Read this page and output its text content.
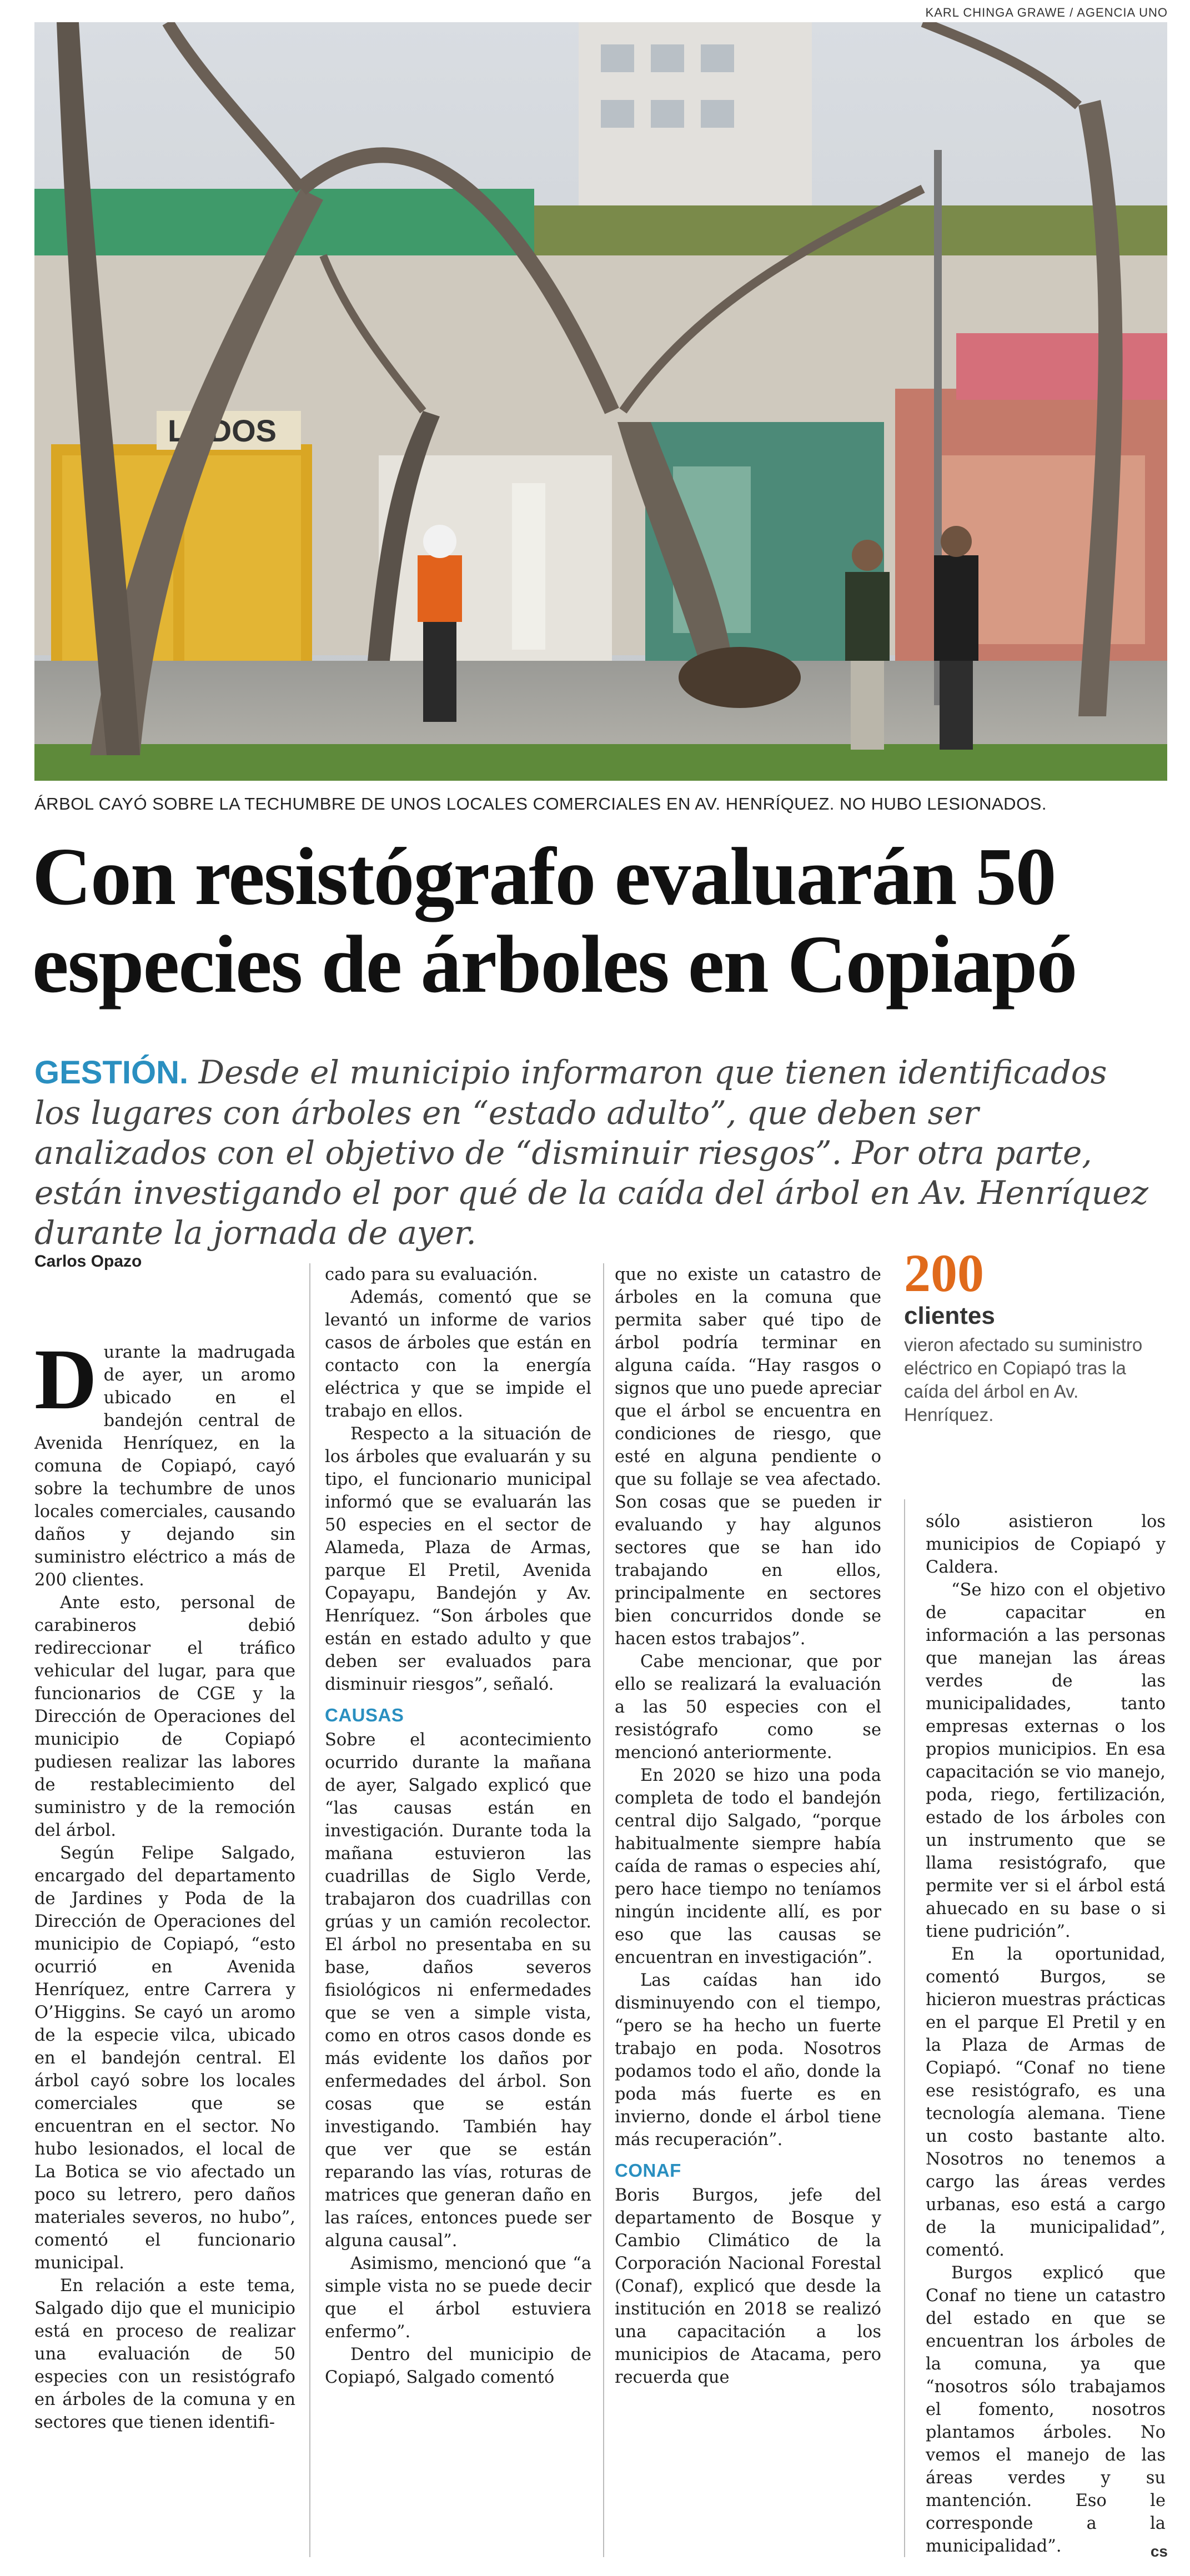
KARL CHINGA GRAWE / AGENCIA UNO
LADOS
ÁRBOL CAYÓ SOBRE LA TECHUMBRE DE UNOS LOCALES COMERCIALES EN AV. HENRÍQUEZ. NO HUBO LESIONADOS.
Con resistógrafo evaluarán 50 especies de árboles en Copiapó

GESTIÓN. Desde el municipio informaron que tienen identificados los lugares con árboles en “estado adulto”, que deben ser analizados con el objetivo de “disminuir riesgos”. Por otra parte, están investigando el por qué de la caída del árbol en Av. Henríquez durante la jornada de ayer.

Carlos Opazo

Durante la madrugada de ayer, un aromo ubicado en el bandejón central de Avenida Henríquez, en la comuna de Copiapó, cayó sobre la techumbre de unos locales comerciales, causando daños y dejando sin suministro eléctrico a más de 200 clientes.

Ante esto, personal de carabineros debió redireccionar el tráfico vehicular del lugar, para que funcionarios de CGE y la Dirección de Operaciones del municipio de Copiapó pudiesen realizar las labores de restablecimiento del suministro y de la remoción del árbol.

Según Felipe Salgado, encargado del departamento de Jardines y Poda de la Dirección de Operaciones del municipio de Copiapó, “esto ocurrió en Avenida Henríquez, entre Carrera y O’Higgins. Se cayó un aromo de la especie vilca, ubicado en el bandejón central. El árbol cayó sobre los locales comerciales que se encuentran en el sector. No hubo lesionados, el local de La Botica se vio afectado un poco su letrero, pero daños materiales severos, no hubo”, comentó el funcionario municipal.

En relación a este tema, Salgado dijo que el municipio está en proceso de realizar una evaluación de 50 especies con un resistógrafo en árboles de la comuna y en sectores que tienen identifi-

cado para su evaluación.

Además, comentó que se levantó un informe de varios casos de árboles que están en contacto con la energía eléctrica y que se impide el trabajo en ellos.

Respecto a la situación de los árboles que evaluarán y su tipo, el funcionario municipal informó que se evaluarán las 50 especies en el sector de Alameda, Plaza de Armas, parque El Pretil, Avenida Copayapu, Bandejón y Av. Henríquez. “Son árboles que están en estado adulto y que deben ser evaluados para disminuir riesgos”, señaló.

CAUSAS

Sobre el acontecimiento ocurrido durante la mañana de ayer, Salgado explicó que “las causas están en investigación. Durante toda la mañana estuvieron las cuadrillas de Siglo Verde, trabajaron dos cuadrillas con grúas y un camión recolector. El árbol no presentaba en su base, daños severos fisiológicos ni enfermedades que se ven a simple vista, como en otros casos donde es más evidente los daños por enfermedades del árbol. Son cosas que se están investigando. También hay que ver que se están reparando las vías, roturas de matrices que generan daño en las raíces, entonces puede ser alguna causal”.

Asimismo, mencionó que “a simple vista no se puede decir que el árbol estuviera enfermo”.

Dentro del municipio de Copiapó, Salgado comentó

que no existe un catastro de árboles en la comuna que permita saber qué tipo de árbol podría terminar en alguna caída. “Hay rasgos o signos que uno puede apreciar que el árbol se encuentra en condiciones de riesgo, que esté en alguna pendiente o que su follaje se vea afectado. Son cosas que se pueden ir evaluando y hay algunos sectores que se han ido trabajando en ellos, principalmente en sectores bien concurridos donde se hacen estos trabajos”.

Cabe mencionar, que por ello se realizará la evaluación a las 50 especies con el resistógrafo como se mencionó anteriormente.

En 2020 se hizo una poda completa de todo el bandejón central dijo Salgado, “porque habitualmente siempre había caída de ramas o especies ahí, pero hace tiempo no teníamos ningún incidente allí, es por eso que las causas se encuentran en investigación”.

Las caídas han ido disminuyendo con el tiempo, “pero se ha hecho un fuerte trabajo en poda. Nosotros podamos todo el año, donde la poda más fuerte es en invierno, donde el árbol tiene más recuperación”.

CONAF

Boris Burgos, jefe del departamento de Bosque y Cambio Climático de la Corporación Nacional Forestal (Conaf), explicó que desde la institución en 2018 se realizó una capacitación a los municipios de Atacama, pero recuerda que

200
clientes
vieron afectado su suministro eléctrico en Copiapó tras la caída del árbol en Av. Henríquez.

sólo asistieron los municipios de Copiapó y Caldera.

“Se hizo con el objetivo de capacitar en información a las personas que manejan las áreas verdes de las municipalidades, tanto empresas externas o los propios municipios. En esa capacitación se vio manejo, poda, riego, fertilización, estado de los árboles con un instrumento que se llama resistógrafo, que permite ver si el árbol está ahuecado en su base o si tiene pudrición”.

En la oportunidad, comentó Burgos, se hicieron muestras prácticas en el parque El Pretil y en la Plaza de Armas de Copiapó. “Conaf no tiene ese resistógrafo, es una tecnología alemana. Tiene un costo bastante alto. Nosotros no tenemos a cargo las áreas verdes urbanas, eso está a cargo de la municipalidad”, comentó.

Burgos explicó que Conaf no tiene un catastro del estado en que se encuentran los árboles de la comuna, ya que “nosotros sólo trabajamos el fomento, nosotros plantamos árboles. No vemos el manejo de las áreas verdes y su mantención. Eso le corresponde a la municipalidad”.	cs
